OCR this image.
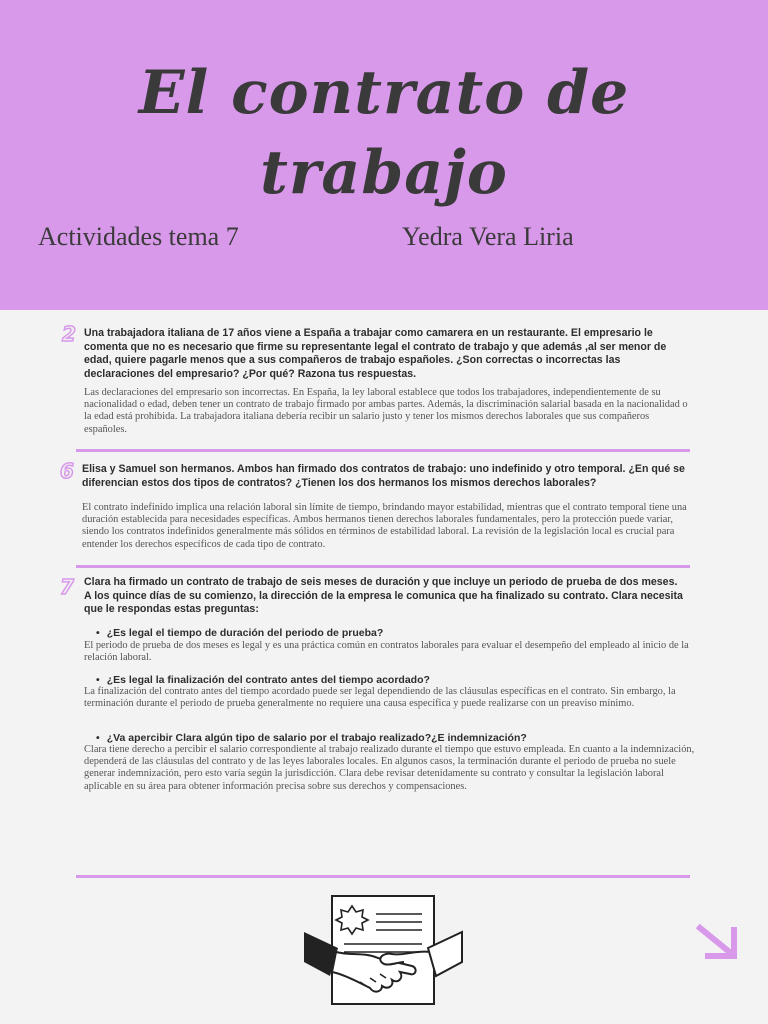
El contrato de
trabajo
Actividades tema 7	Yedra Vera Liria
2 Una trabajadora italiana de 17 años viene a España a trabajar como camarera en un restaurante. El empresario le comenta que no es necesario que firme su representante legal el contrato de trabajo y que además ,al ser menor de edad, quiere pagarle menos que a sus compañeros de trabajo españoles. ¿Son correctas o incorrectas las declaraciones del empresario? ¿Por qué? Razona tus respuestas.
Las declaraciones del empresario son incorrectas. En España, la ley laboral establece que todos los trabajadores, independientemente de su nacionalidad o edad, deben tener un contrato de trabajo firmado por ambas partes. Además, la discriminación salarial basada en la nacionalidad o la edad está prohibida. La trabajadora italiana debería recibir un salario justo y tener los mismos derechos laborales que sus compañeros españoles.
6 Elisa y Samuel son hermanos. Ambos han firmado dos contratos de trabajo: uno indefinido y otro temporal. ¿En qué se diferencian estos dos tipos de contratos? ¿Tienen los dos hermanos los mismos derechos laborales?
El contrato indefinido implica una relación laboral sin límite de tiempo, brindando mayor estabilidad, mientras que el contrato temporal tiene una duración establecida para necesidades específicas. Ambos hermanos tienen derechos laborales fundamentales, pero la protección puede variar, siendo los contratos indefinidos generalmente más sólidos en términos de estabilidad laboral. La revisión de la legislación local es crucial para entender los derechos específicos de cada tipo de contrato.
7 Clara ha firmado un contrato de trabajo de seis meses de duración y que incluye un periodo de prueba de dos meses. A los quince días de su comienzo, la dirección de la empresa le comunica que ha finalizado su contrato. Clara necesita que le respondas estas preguntas:
• ¿Es legal el tiempo de duración del periodo de prueba?
El periodo de prueba de dos meses es legal y es una práctica común en contratos laborales para evaluar el desempeño del empleado al inicio de la relación laboral.
• ¿Es legal la finalización del contrato antes del tiempo acordado?
La finalización del contrato antes del tiempo acordado puede ser legal dependiendo de las cláusulas específicas en el contrato. Sin embargo, la terminación durante el periodo de prueba generalmente no requiere una causa específica y puede realizarse con un preaviso mínimo.
• ¿Va apercibir Clara algún tipo de salario por el trabajo realizado?¿E indemnización?
Clara tiene derecho a percibir el salario correspondiente al trabajo realizado durante el tiempo que estuvo empleada. En cuanto a la indemnización, dependerá de las cláusulas del contrato y de las leyes laborales locales. En algunos casos, la terminación durante el periodo de prueba no suele generar indemnización, pero esto varía según la jurisdicción. Clara debe revisar detenidamente su contrato y consultar la legislación laboral aplicable en su área para obtener información precisa sobre sus derechos y compensaciones.
